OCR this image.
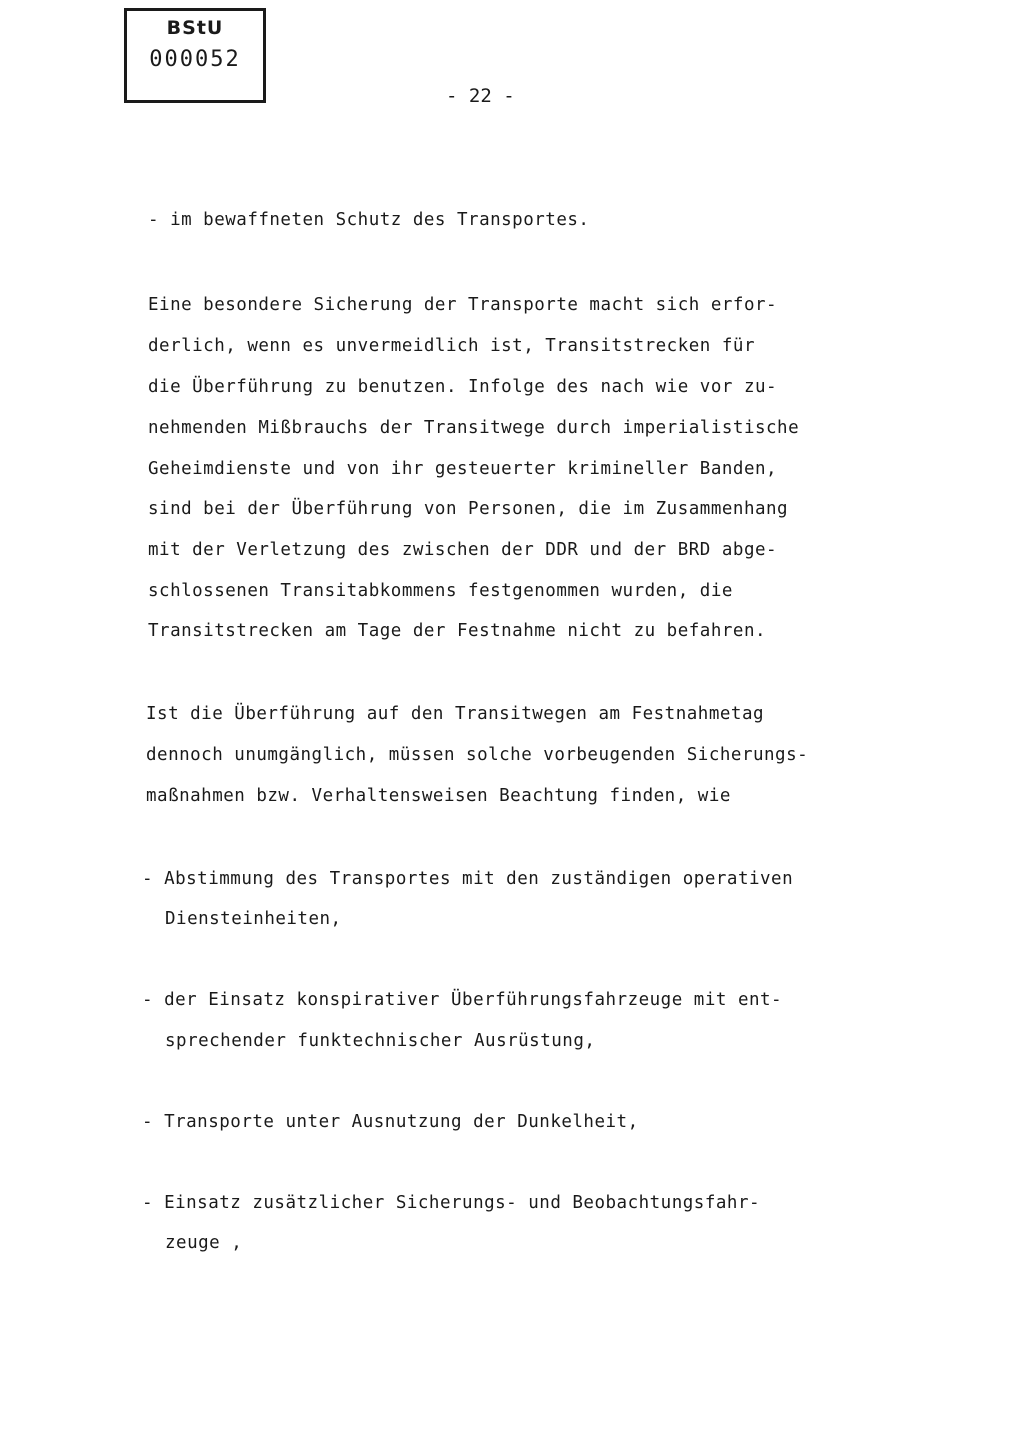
BStU
000052
- 22 -
- im bewaffneten Schutz des Transportes.
Eine besondere Sicherung der Transporte macht sich erfor-
derlich, wenn es unvermeidlich ist, Transitstrecken für
die Überführung zu benutzen. Infolge des nach wie vor zu-
nehmenden Mißbrauchs der Transitwege durch imperialistische
Geheimdienste und von ihr gesteuerter krimineller Banden,
sind bei der Überführung von Personen, die im Zusammenhang
mit der Verletzung des zwischen der DDR und der BRD abge-
schlossenen Transitabkommens festgenommen wurden, die
Transitstrecken am Tage der Festnahme nicht zu befahren.
Ist die Überführung auf den Transitwegen am Festnahmetag
dennoch unumgänglich, müssen solche vorbeugenden Sicherungs-
maßnahmen bzw. Verhaltensweisen Beachtung finden, wie
- Abstimmung des Transportes mit den zuständigen operativen
Diensteinheiten,
- der Einsatz konspirativer Überführungsfahrzeuge mit ent-
sprechender funktechnischer Ausrüstung,
- Transporte unter Ausnutzung der Dunkelheit,
- Einsatz zusätzlicher Sicherungs- und Beobachtungsfahr-
zeuge ,
